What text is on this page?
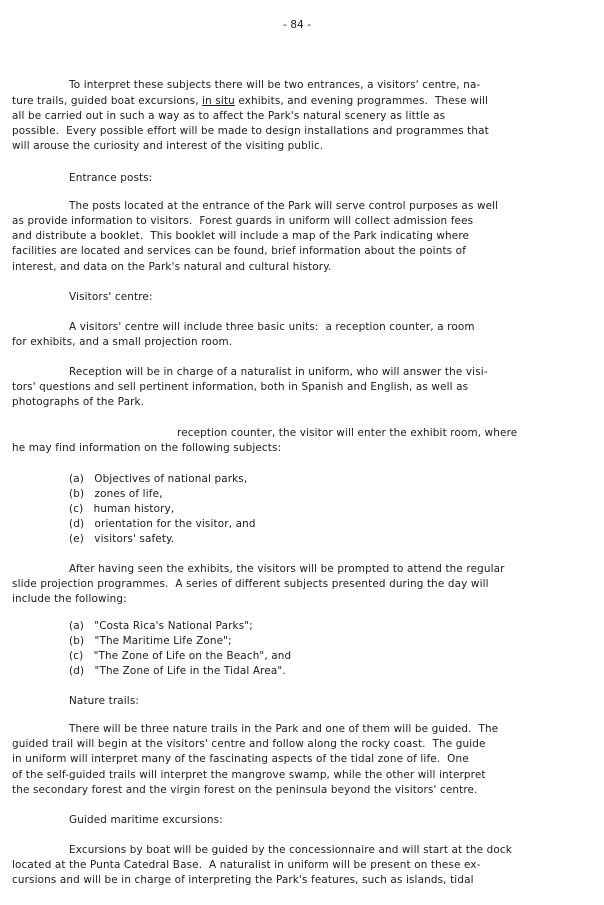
- 84 -
To interpret these subjects there will be two entrances, a visitors' centre, na-
ture trails, guided boat excursions, in situ exhibits, and evening programmes.  These will
all be carried out in such a way as to affect the Park's natural scenery as little as
possible.  Every possible effort will be made to design installations and programmes that
will arouse the curiosity and interest of the visiting public.
Entrance posts:
The posts located at the entrance of the Park will serve control purposes as well
as provide information to visitors.  Forest guards in uniform will collect admission fees
and distribute a booklet.  This booklet will include a map of the Park indicating where
facilities are located and services can be found, brief information about the points of
interest, and data on the Park's natural and cultural history.
Visitors' centre:
A visitors' centre will include three basic units:  a reception counter, a room
for exhibits, and a small projection room.
Reception will be in charge of a naturalist in uniform, who will answer the visi-
tors' questions and sell pertinent information, both in Spanish and English, as well as
photographs of the Park.
reception counter, the visitor will enter the exhibit room, where
he may find information on the following subjects:
(a)   Objectives of national parks,
(b)   zones of life,
(c)   human history,
(d)   orientation for the visitor, and
(e)   visitors' safety.
After having seen the exhibits, the visitors will be prompted to attend the regular
slide projection programmes.  A series of different subjects presented during the day will
include the following:
(a)   "Costa Rica's National Parks";
(b)   "The Maritime Life Zone";
(c)   "The Zone of Life on the Beach", and
(d)   "The Zone of Life in the Tidal Area".
Nature trails:
There will be three nature trails in the Park and one of them will be guided.  The
guided trail will begin at the visitors' centre and follow along the rocky coast.  The guide
in uniform will interpret many of the fascinating aspects of the tidal zone of life.  One
of the self-guided trails will interpret the mangrove swamp, while the other will interpret
the secondary forest and the virgin forest on the peninsula beyond the visitors' centre.
Guided maritime excursions:
Excursions by boat will be guided by the concessionnaire and will start at the dock
located at the Punta Catedral Base.  A naturalist in uniform will be present on these ex-
cursions and will be in charge of interpreting the Park's features, such as islands, tidal
